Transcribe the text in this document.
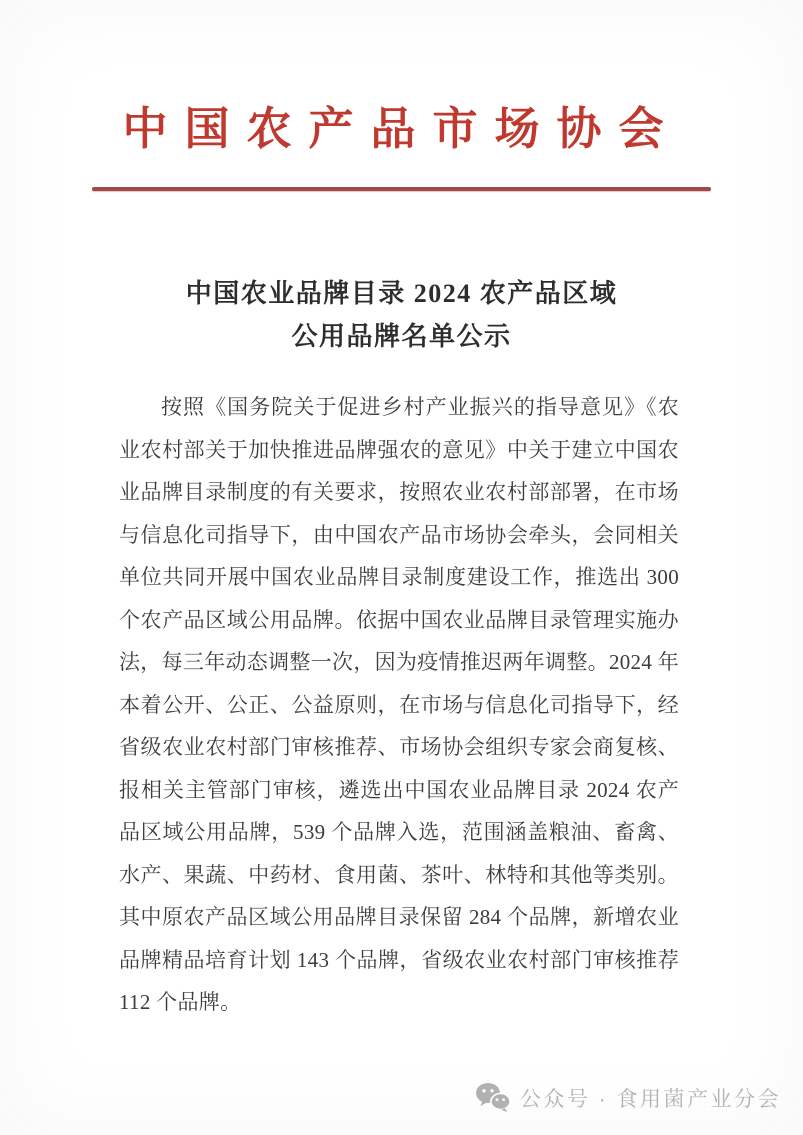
中国农产品市场协会
中国农业品牌目录 2024 农产品区域
公用品牌名单公示
按照《国务院关于促进乡村产业振兴的指导意见》《农
业农村部关于加快推进品牌强农的意见》中关于建立中国农
业品牌目录制度的有关要求，按照农业农村部部署，在市场
与信息化司指导下，由中国农产品市场协会牵头，会同相关
单位共同开展中国农业品牌目录制度建设工作，推选出 300
个农产品区域公用品牌。依据中国农业品牌目录管理实施办
法，每三年动态调整一次，因为疫情推迟两年调整。2024 年
本着公开、公正、公益原则，在市场与信息化司指导下，经
省级农业农村部门审核推荐、市场协会组织专家会商复核、
报相关主管部门审核，遴选出中国农业品牌目录 2024 农产
品区域公用品牌，539 个品牌入选，范围涵盖粮油、畜禽、
水产、果蔬、中药材、食用菌、茶叶、林特和其他等类别。
其中原农产品区域公用品牌目录保留 284 个品牌，新增农业
品牌精品培育计划 143 个品牌，省级农业农村部门审核推荐
112 个品牌。
公众号 · 食用菌产业分会
